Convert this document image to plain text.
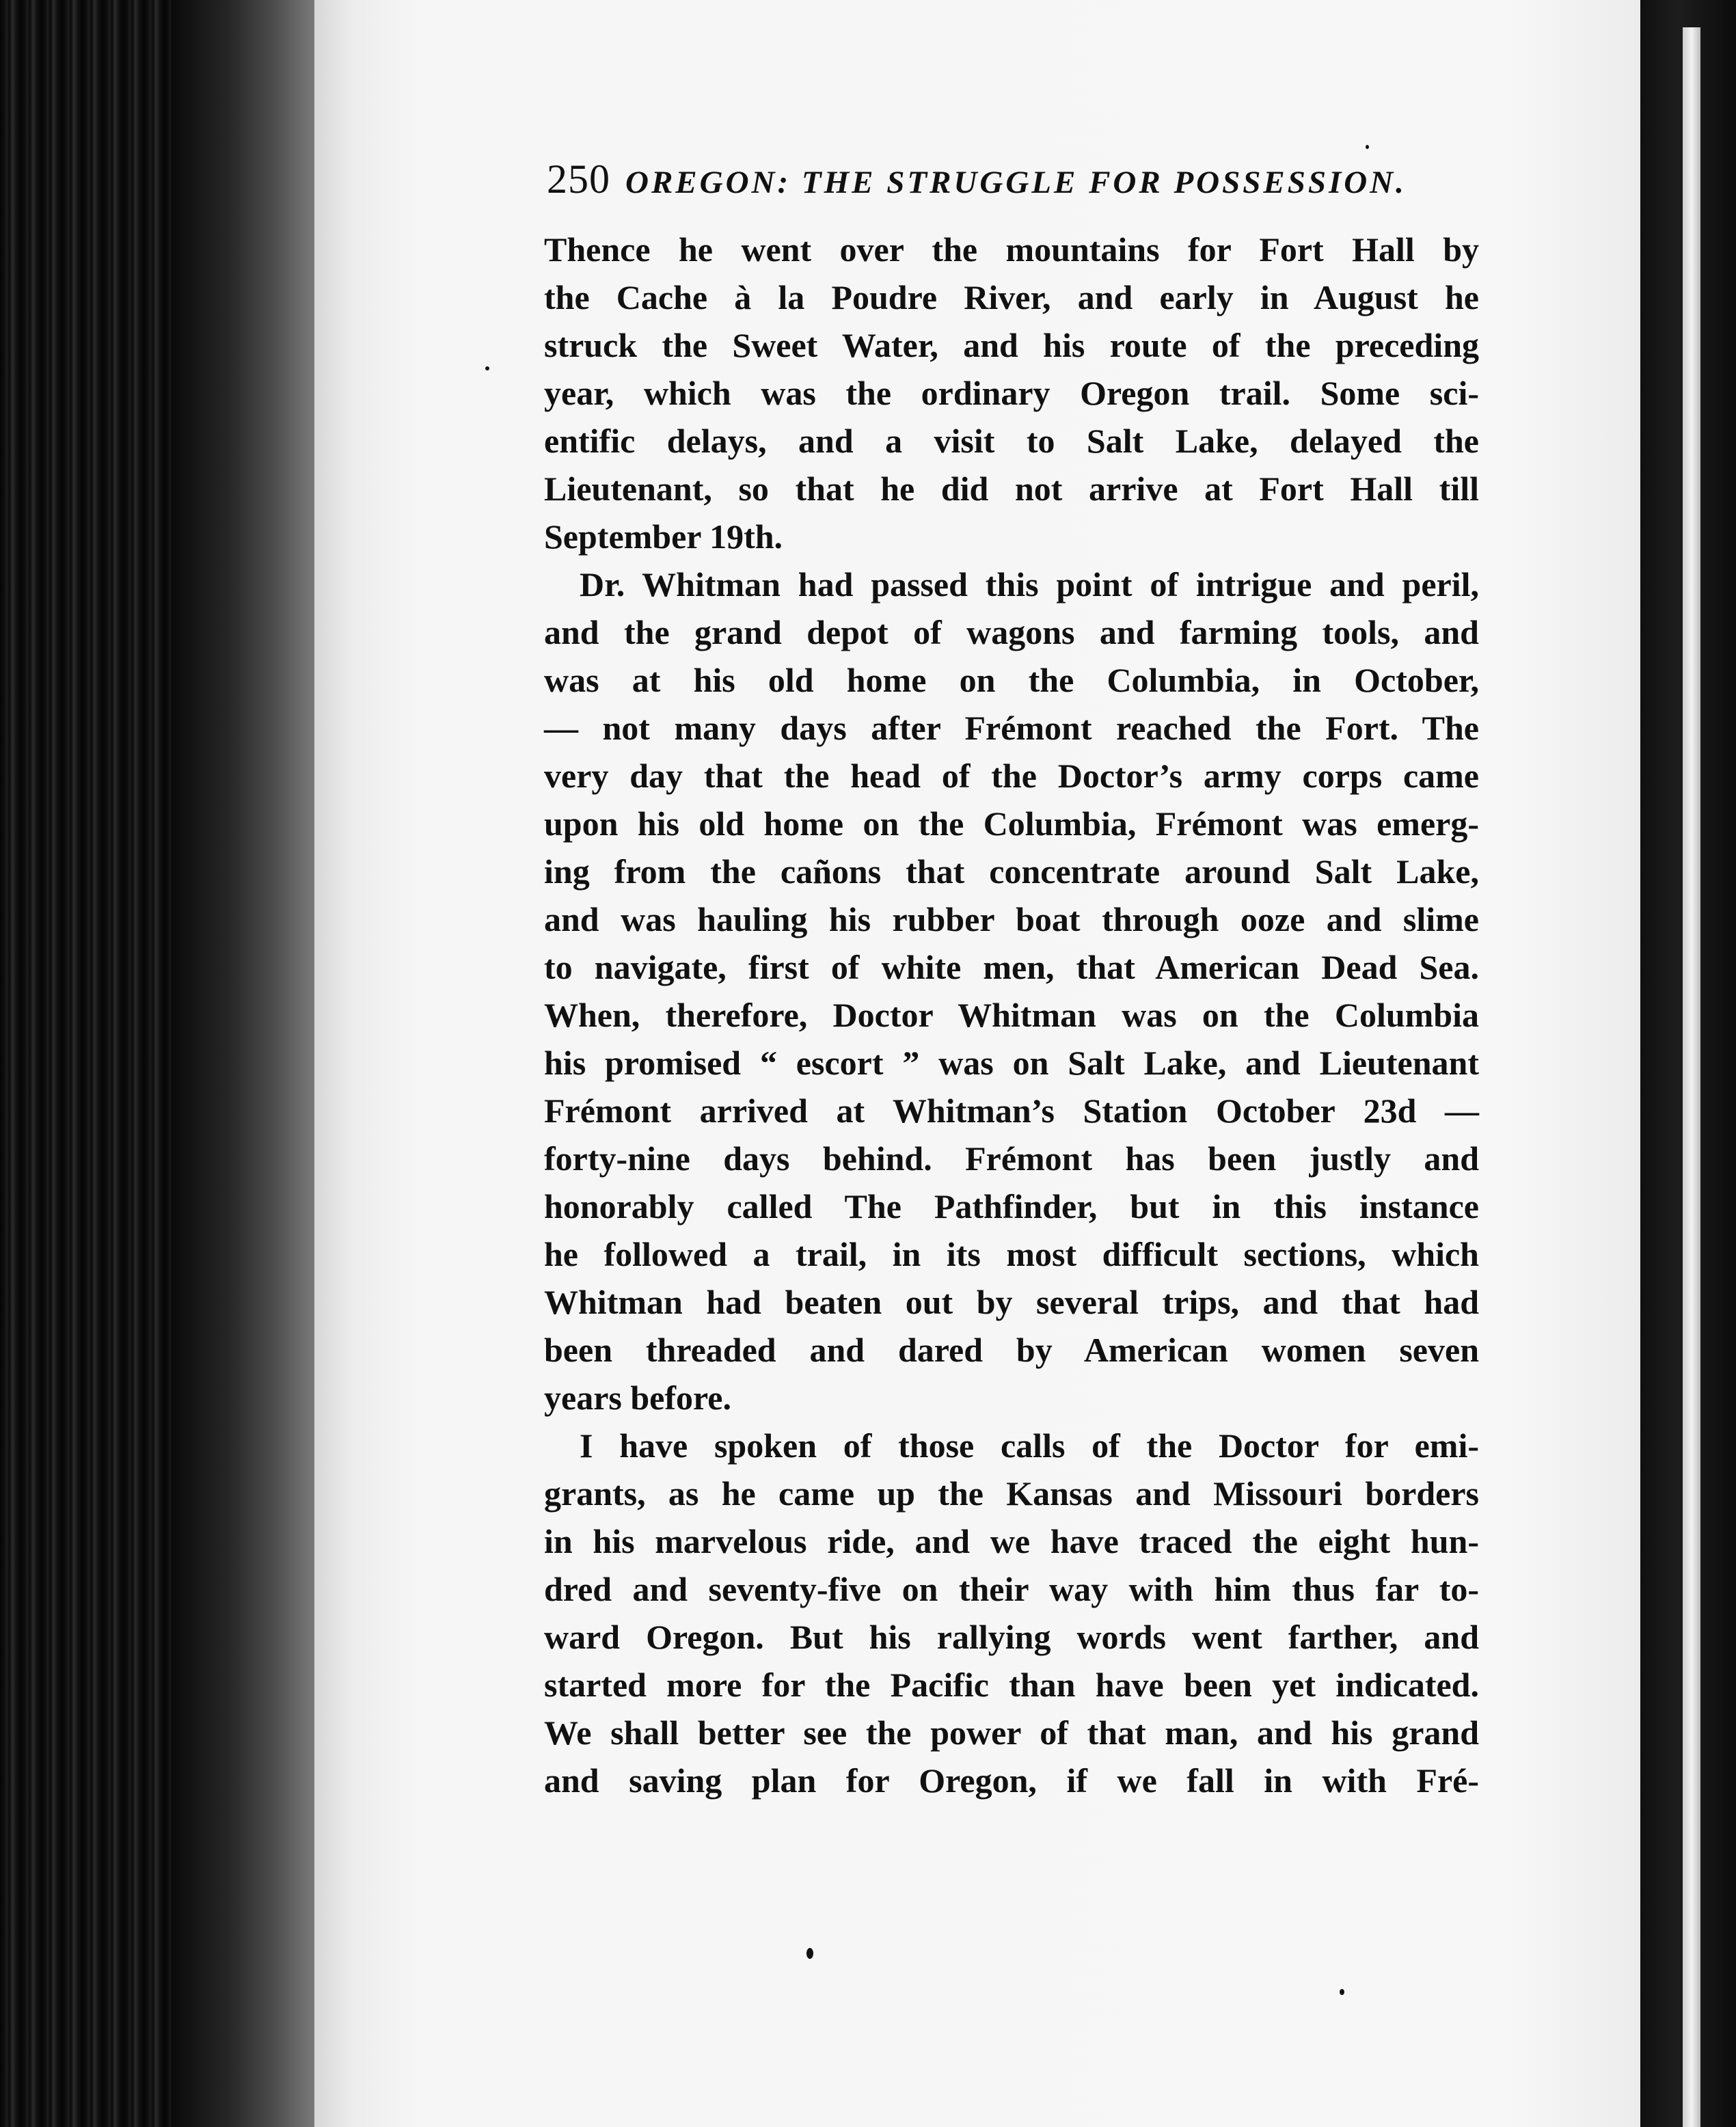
250 OREGON: THE STRUGGLE FOR POSSESSION.
Thence he went over the mountains for Fort Hall by
the Cache à la Poudre River, and early in August he
struck the Sweet Water, and his route of the preceding
year, which was the ordinary Oregon trail. Some sci-
entific delays, and a visit to Salt Lake, delayed the
Lieutenant, so that he did not arrive at Fort Hall till
September 19th.
Dr. Whitman had passed this point of intrigue and peril,
and the grand depot of wagons and farming tools, and
was at his old home on the Columbia, in October,
— not many days after Frémont reached the Fort. The
very day that the head of the Doctor’s army corps came
upon his old home on the Columbia, Frémont was emerg-
ing from the cañons that concentrate around Salt Lake,
and was hauling his rubber boat through ooze and slime
to navigate, first of white men, that American Dead Sea.
When, therefore, Doctor Whitman was on the Columbia
his promised “ escort ” was on Salt Lake, and Lieutenant
Frémont arrived at Whitman’s Station October 23d —
forty-nine days behind. Frémont has been justly and
honorably called The Pathfinder, but in this instance
he followed a trail, in its most difficult sections, which
Whitman had beaten out by several trips, and that had
been threaded and dared by American women seven
years before.
I have spoken of those calls of the Doctor for emi-
grants, as he came up the Kansas and Missouri borders
in his marvelous ride, and we have traced the eight hun-
dred and seventy-five on their way with him thus far to-
ward Oregon. But his rallying words went farther, and
started more for the Pacific than have been yet indicated.
We shall better see the power of that man, and his grand
and saving plan for Oregon, if we fall in with Fré-
